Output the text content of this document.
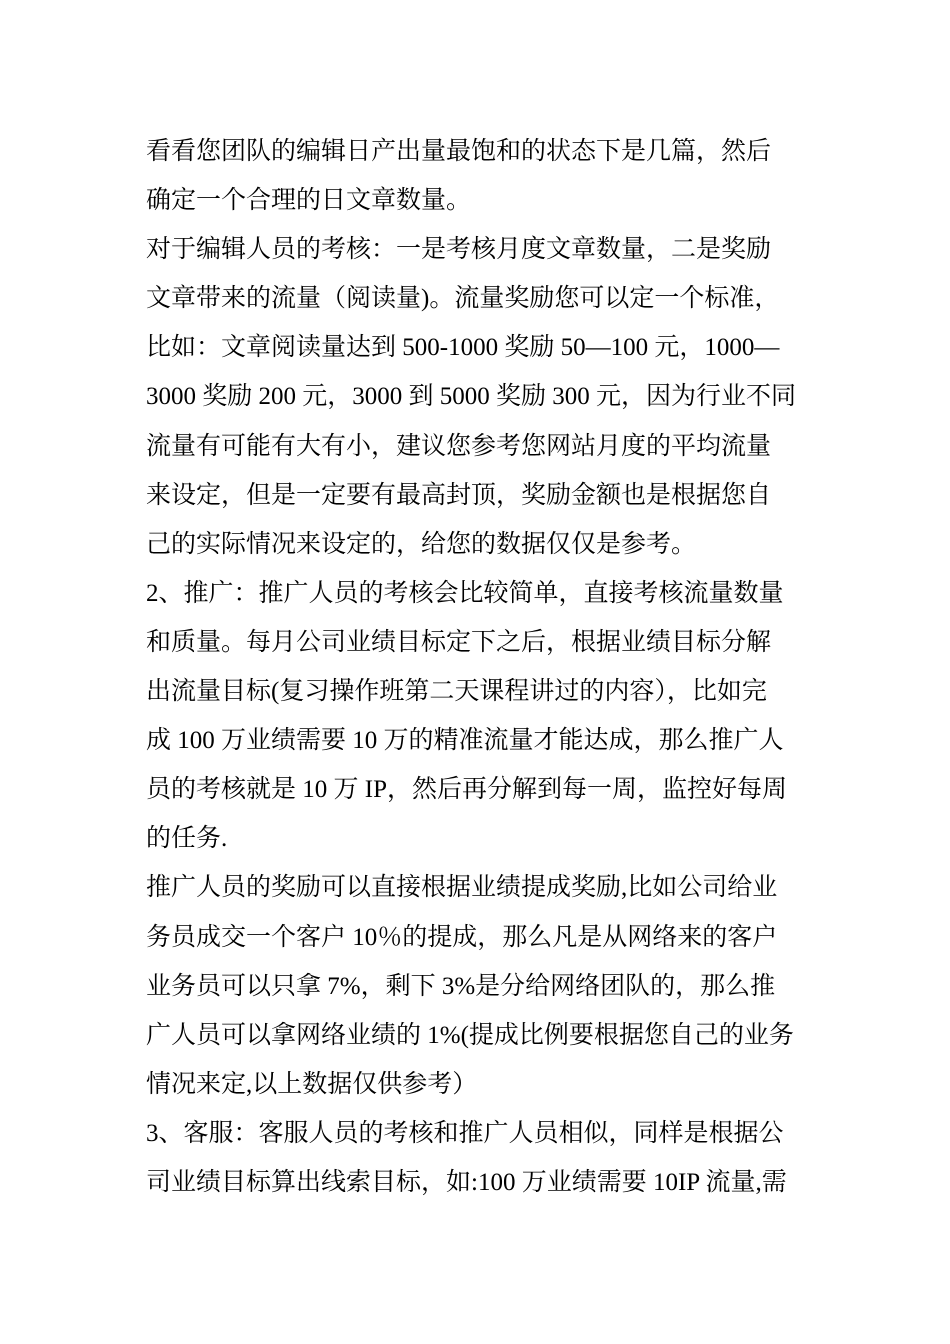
看看您团队的编辑日产出量最饱和的状态下是几篇，然后
确定一个合理的日文章数量。
对于编辑人员的考核：一是考核月度文章数量，二是奖励
文章带来的流量（阅读量)。流量奖励您可以定一个标准，
比如：文章阅读量达到 500-1000 奖励 50—100 元，1000—
3000 奖励 200 元，3000 到 5000 奖励 300 元，因为行业不同
流量有可能有大有小，建议您参考您网站月度的平均流量
来设定，但是一定要有最高封顶，奖励金额也是根据您自
己的实际情况来设定的，给您的数据仅仅是参考。
2、推广：推广人员的考核会比较简单，直接考核流量数量
和质量。每月公司业绩目标定下之后，根据业绩目标分解
出流量目标(复习操作班第二天课程讲过的内容），比如完
成 100 万业绩需要 10 万的精准流量才能达成，那么推广人
员的考核就是 10 万 IP，然后再分解到每一周，监控好每周
的任务.
推广人员的奖励可以直接根据业绩提成奖励,比如公司给业
务员成交一个客户 10％的提成，那么凡是从网络来的客户
业务员可以只拿 7%，剩下 3%是分给网络团队的，那么推
广人员可以拿网络业绩的 1%(提成比例要根据您自己的业务
情况来定,以上数据仅供参考）
3、客服：客服人员的考核和推广人员相似，同样是根据公
司业绩目标算出线索目标，如:100 万业绩需要 10IP 流量,需
